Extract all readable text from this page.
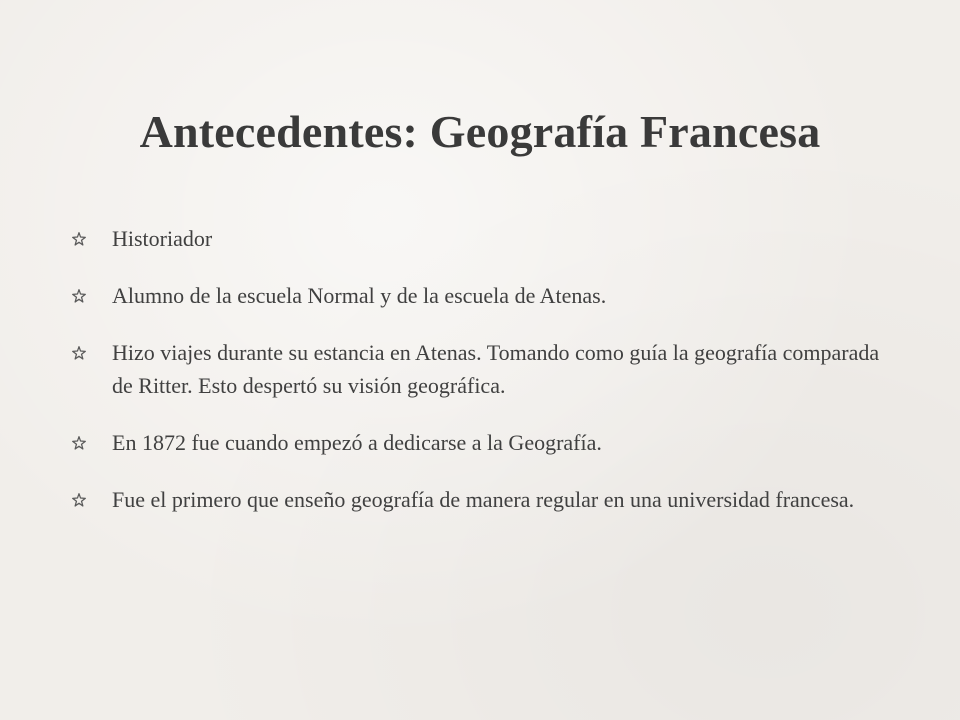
Antecedentes: Geografía Francesa
Historiador
Alumno de la escuela Normal y de la escuela de Atenas.
Hizo viajes durante su estancia en Atenas. Tomando como guía la geografía comparada de Ritter. Esto despertó su visión geográfica.
En 1872 fue cuando empezó a dedicarse a la Geografía.
Fue el primero que enseño geografía de manera regular en una universidad francesa.
